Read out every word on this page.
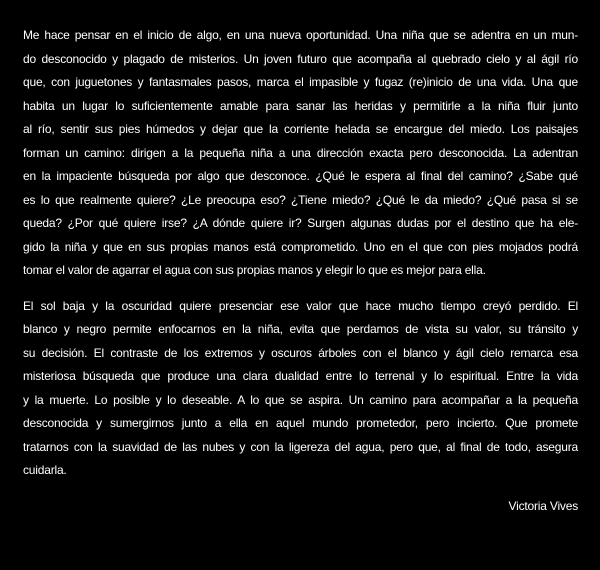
Me hace pensar en el inicio de algo, en una nueva oportunidad. Una niña que se adentra en un mun-
do desconocido y plagado de misterios. Un joven futuro que acompaña al quebrado cielo y al ágil río
que, con juguetones y fantasmales pasos, marca el impasible y fugaz (re)inicio de una vida. Una que
habita un lugar lo suficientemente amable para sanar las heridas y permitirle a la niña fluir junto
al río, sentir sus pies húmedos y dejar que la corriente helada se encargue del miedo. Los paisajes
forman un camino: dirigen a la pequeña niña a una dirección exacta pero desconocida. La adentran
en la impaciente búsqueda por algo que desconoce. ¿Qué le espera al final del camino? ¿Sabe qué
es lo que realmente quiere? ¿Le preocupa eso? ¿Tiene miedo? ¿Qué le da miedo? ¿Qué pasa si se
queda? ¿Por qué quiere irse? ¿A dónde quiere ir? Surgen algunas dudas por el destino que ha ele-
gido la niña y que en sus propias manos está comprometido. Uno en el que con pies mojados podrá
tomar el valor de agarrar el agua con sus propias manos y elegir lo que es mejor para ella.
El sol baja y la oscuridad quiere presenciar ese valor que hace mucho tiempo creyó perdido. El
blanco y negro permite enfocarnos en la niña, evita que perdamos de vista su valor, su tránsito y
su decisión. El contraste de los extremos y oscuros árboles con el blanco y ágil cielo remarca esa
misteriosa búsqueda que produce una clara dualidad entre lo terrenal y lo espiritual. Entre la vida
y la muerte. Lo posible y lo deseable. A lo que se aspira. Un camino para acompañar a la pequeña
desconocida y sumergirnos junto a ella en aquel mundo prometedor, pero incierto. Que promete
tratarnos con la suavidad de las nubes y con la ligereza del agua, pero que, al final de todo, asegura
cuidarla.
Victoria Vives
